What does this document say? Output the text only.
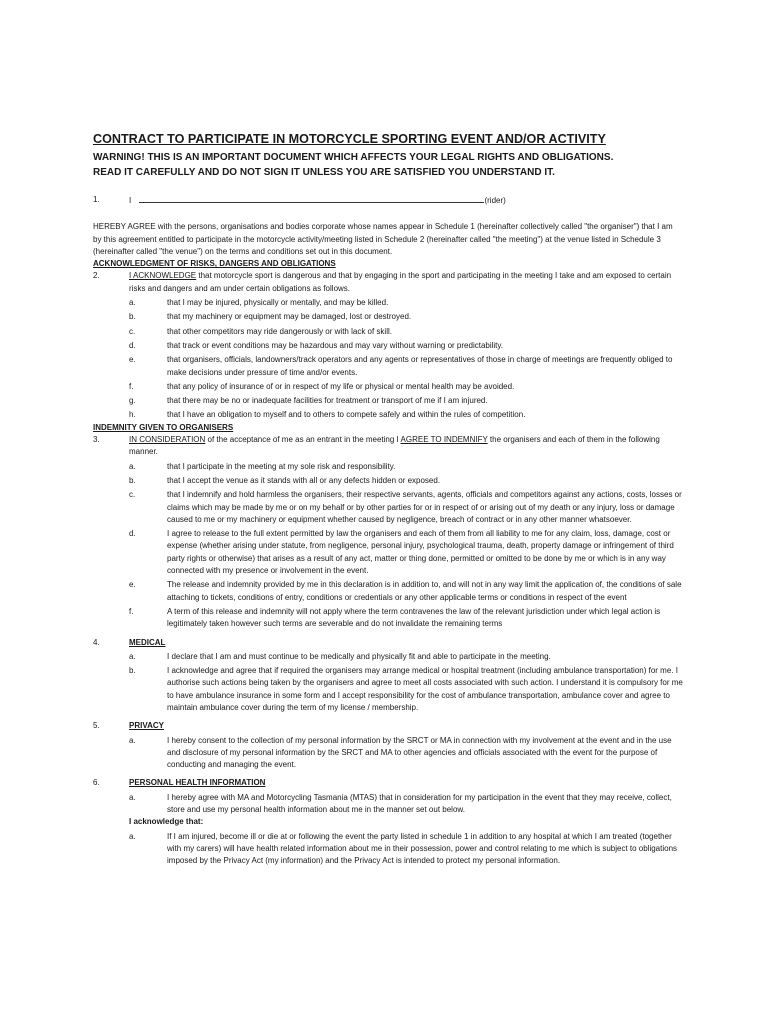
CONTRACT TO PARTICIPATE IN MOTORCYCLE SPORTING EVENT AND/OR ACTIVITY
WARNING! THIS IS AN IMPORTANT DOCUMENT WHICH AFFECTS YOUR LEGAL RIGHTS AND OBLIGATIONS.
READ IT CAREFULLY AND DO NOT SIGN IT UNLESS YOU ARE SATISFIED YOU UNDERSTAND IT.
1.	I	(rider)

HEREBY AGREE with the persons, organisations and bodies corporate whose names appear in Schedule 1 (hereinafter collectively called "the organiser") that I am by this agreement entitled to participate in the motorcycle activity/meeting listed in Schedule 2 (hereinafter called "the meeting") at the venue listed in Schedule 3 (hereinafter called "the venue") on the terms and conditions set out in this document.

ACKNOWLEDGMENT OF RISKS, DANGERS AND OBLIGATIONS

2.	I ACKNOWLEDGE that motorcycle sport is dangerous and that by engaging in the sport and participating in the meeting I take and am exposed to certain risks and dangers and am under certain obligations as follows.
a.	that I may be injured, physically or mentally, and may be killed.
b.	that my machinery or equipment may be damaged, lost or destroyed.
c.	that other competitors may ride dangerously or with lack of skill.
d.	that track or event conditions may be hazardous and may vary without warning or predictability.
e.	that organisers, officials, landowners/track operators and any agents or representatives of those in charge of meetings are frequently obliged to make decisions under pressure of time and/or events.
f.	that any policy of insurance of or in respect of my life or physical or mental health may be avoided.
g.	that there may be no or inadequate facilities for treatment or transport of me if I am injured.
h.	that I have an obligation to myself and to others to compete safely and within the rules of competition.

INDEMNITY GIVEN TO ORGANISERS

3.	IN CONSIDERATION of the acceptance of me as an entrant in the meeting I AGREE TO INDEMNIFY the organisers and each of them in the following manner.
a.	that I participate in the meeting at my sole risk and responsibility.
b.	that I accept the venue as it stands with all or any defects hidden or exposed.
c.	that I indemnify and hold harmless the organisers, their respective servants, agents, officials and competitors against any actions, costs, losses or claims which may be made by me or on my behalf or by other parties for or in respect of or arising out of my death or any injury, loss or damage caused to me or my machinery or equipment whether caused by negligence, breach of contract or in any other manner whatsoever.
d.	I agree to release to the full extent permitted by law the organisers and each of them from all liability to me for any claim, loss, damage, cost or expense (whether arising under statute, from negligence, personal injury, psychological trauma, death, property damage or infringement of third party rights or otherwise) that arises as a result of any act, matter or thing done, permitted or omitted to be done by me or which is in any way connected with my presence or involvement in the event.
e.	The release and indemnity provided by me in this declaration is in addition to, and will not in any way limit the application of, the conditions of sale attaching to tickets, conditions of entry, conditions or credentials or any other applicable terms or conditions in respect of the event
f.	A term of this release and indemnity will not apply where the term contravenes the law of the relevant jurisdiction under which legal action is legitimately taken however such terms are severable and do not invalidate the remaining terms
4.	MEDICAL
a.	I declare that I am and must continue to be medically and physically fit and able to participate in the meeting.
b.	I acknowledge and agree that if required the organisers may arrange medical or hospital treatment (including ambulance transportation) for me. I authorise such actions being taken by the organisers and agree to meet all costs associated with such action. I understand it is compulsory for me to have ambulance insurance in some form and I accept responsibility for the cost of ambulance transportation, ambulance cover and agree to maintain ambulance cover during the term of my license / membership.
5.	PRIVACY
a.	I hereby consent to the collection of my personal information by the SRCT or MA in connection with my involvement at the event and in the use and disclosure of my personal information by the SRCT and MA to other agencies and officials associated with the event for the purpose of conducting and managing the event.
6.	PERSONAL HEALTH INFORMATION
a.	I hereby agree with MA and Motorcycling Tasmania (MTAS) that in consideration for my participation in the event that they may receive, collect, store and use my personal health information about me in the manner set out below.
I acknowledge that:
a.	If I am injured, become ill or die at or following the event the party listed in schedule 1 in addition to any hospital at which I am treated (together with my carers) will have health related information about me in their possession, power and control relating to me which is subject to obligations imposed by the Privacy Act (my information) and the Privacy Act is intended to protect my personal information.
